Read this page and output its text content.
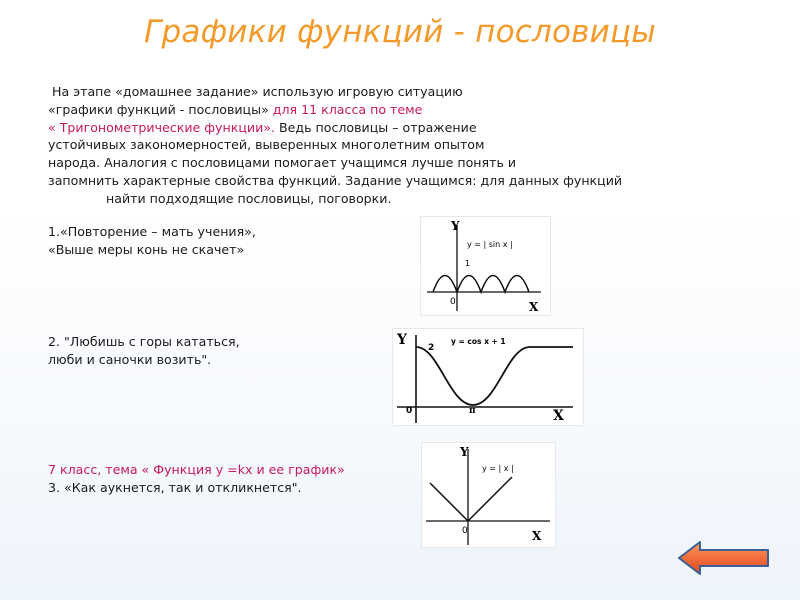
Графики функций - пословицы
На этапе «домашнее задание» использую игровую ситуацию
«графики функций - пословицы» для 11 класса по теме
« Тригонометрические функции». Ведь пословицы – отражение
устойчивых закономерностей, выверенных многолетним опытом
народа. Аналогия с пословицами помогает учащимся лучше понять и
запомнить характерные свойства функций. Задание учащимся: для данных функций
найти подходящие пословицы, поговорки.
1.«Повторение – мать учения»,
«Выше меры конь не скачет»
2. "Любишь с горы кататься,
люби и саночки возить".
7 класс, тема « Функция у =kx и ее график»
3. «Как аукнется, так и откликнется".
Y
X
y = | sin x |
1
0
Y
X
y = cos x + 1
2
π
0
Y
X
y = | x |
0
